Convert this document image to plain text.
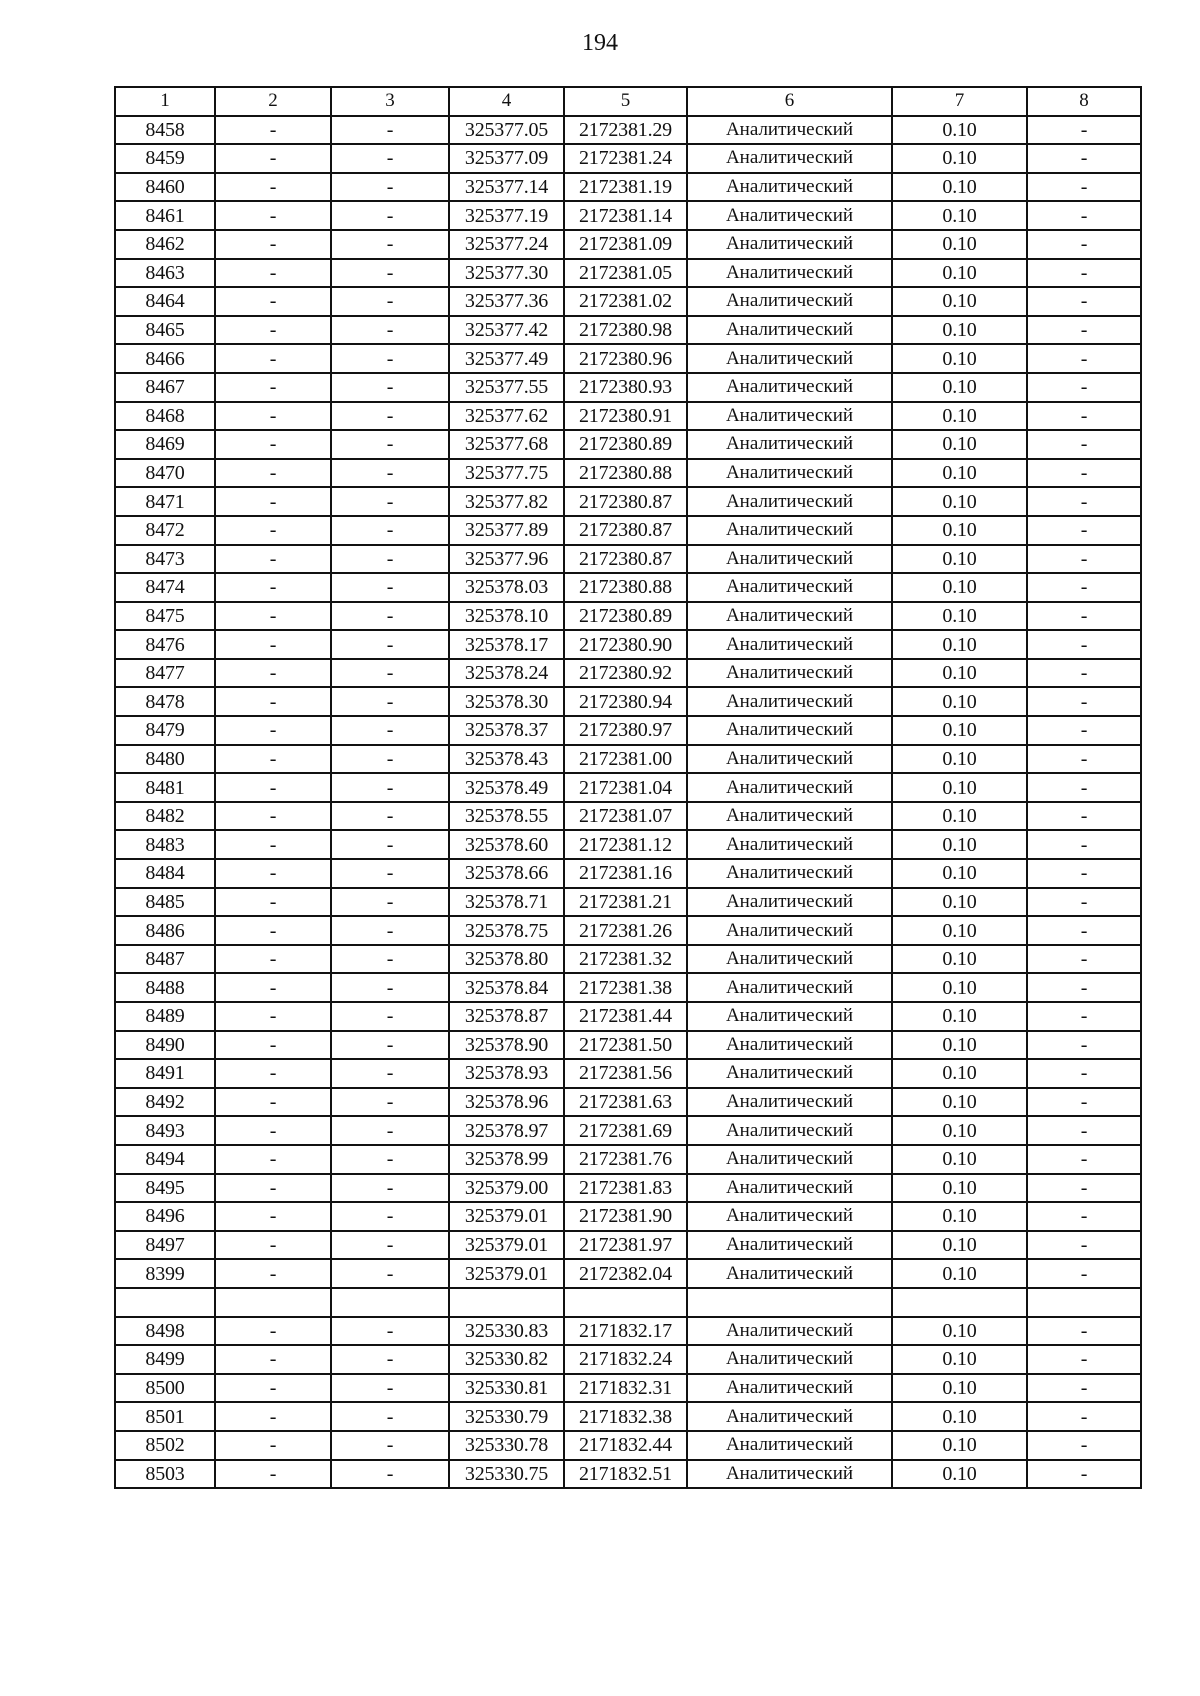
194
1	2	3	4	5	6	7	8
8458	-	-	325377.05	2172381.29	Аналитический	0.10	-
8459	-	-	325377.09	2172381.24	Аналитический	0.10	-
8460	-	-	325377.14	2172381.19	Аналитический	0.10	-
8461	-	-	325377.19	2172381.14	Аналитический	0.10	-
8462	-	-	325377.24	2172381.09	Аналитический	0.10	-
8463	-	-	325377.30	2172381.05	Аналитический	0.10	-
8464	-	-	325377.36	2172381.02	Аналитический	0.10	-
8465	-	-	325377.42	2172380.98	Аналитический	0.10	-
8466	-	-	325377.49	2172380.96	Аналитический	0.10	-
8467	-	-	325377.55	2172380.93	Аналитический	0.10	-
8468	-	-	325377.62	2172380.91	Аналитический	0.10	-
8469	-	-	325377.68	2172380.89	Аналитический	0.10	-
8470	-	-	325377.75	2172380.88	Аналитический	0.10	-
8471	-	-	325377.82	2172380.87	Аналитический	0.10	-
8472	-	-	325377.89	2172380.87	Аналитический	0.10	-
8473	-	-	325377.96	2172380.87	Аналитический	0.10	-
8474	-	-	325378.03	2172380.88	Аналитический	0.10	-
8475	-	-	325378.10	2172380.89	Аналитический	0.10	-
8476	-	-	325378.17	2172380.90	Аналитический	0.10	-
8477	-	-	325378.24	2172380.92	Аналитический	0.10	-
8478	-	-	325378.30	2172380.94	Аналитический	0.10	-
8479	-	-	325378.37	2172380.97	Аналитический	0.10	-
8480	-	-	325378.43	2172381.00	Аналитический	0.10	-
8481	-	-	325378.49	2172381.04	Аналитический	0.10	-
8482	-	-	325378.55	2172381.07	Аналитический	0.10	-
8483	-	-	325378.60	2172381.12	Аналитический	0.10	-
8484	-	-	325378.66	2172381.16	Аналитический	0.10	-
8485	-	-	325378.71	2172381.21	Аналитический	0.10	-
8486	-	-	325378.75	2172381.26	Аналитический	0.10	-
8487	-	-	325378.80	2172381.32	Аналитический	0.10	-
8488	-	-	325378.84	2172381.38	Аналитический	0.10	-
8489	-	-	325378.87	2172381.44	Аналитический	0.10	-
8490	-	-	325378.90	2172381.50	Аналитический	0.10	-
8491	-	-	325378.93	2172381.56	Аналитический	0.10	-
8492	-	-	325378.96	2172381.63	Аналитический	0.10	-
8493	-	-	325378.97	2172381.69	Аналитический	0.10	-
8494	-	-	325378.99	2172381.76	Аналитический	0.10	-
8495	-	-	325379.00	2172381.83	Аналитический	0.10	-
8496	-	-	325379.01	2172381.90	Аналитический	0.10	-
8497	-	-	325379.01	2172381.97	Аналитический	0.10	-
8399	-	-	325379.01	2172382.04	Аналитический	0.10	-

8498	-	-	325330.83	2171832.17	Аналитический	0.10	-
8499	-	-	325330.82	2171832.24	Аналитический	0.10	-
8500	-	-	325330.81	2171832.31	Аналитический	0.10	-
8501	-	-	325330.79	2171832.38	Аналитический	0.10	-
8502	-	-	325330.78	2171832.44	Аналитический	0.10	-
8503	-	-	325330.75	2171832.51	Аналитический	0.10	-
